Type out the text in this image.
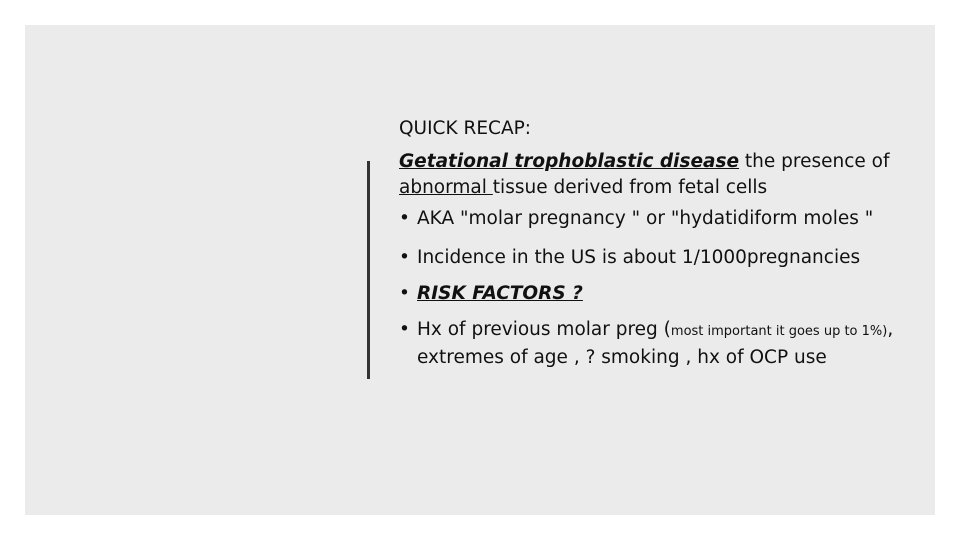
QUICK RECAP:

Getational trophoblastic disease the presence of abnormal tissue derived from fetal cells

• AKA "molar pregnancy " or "hydatidiform moles "
• Incidence in the US is about 1/1000pregnancies
• RISK FACTORS ?
• Hx of previous molar preg (most important it goes up to 1%), extremes of age , ? smoking , hx of OCP use
